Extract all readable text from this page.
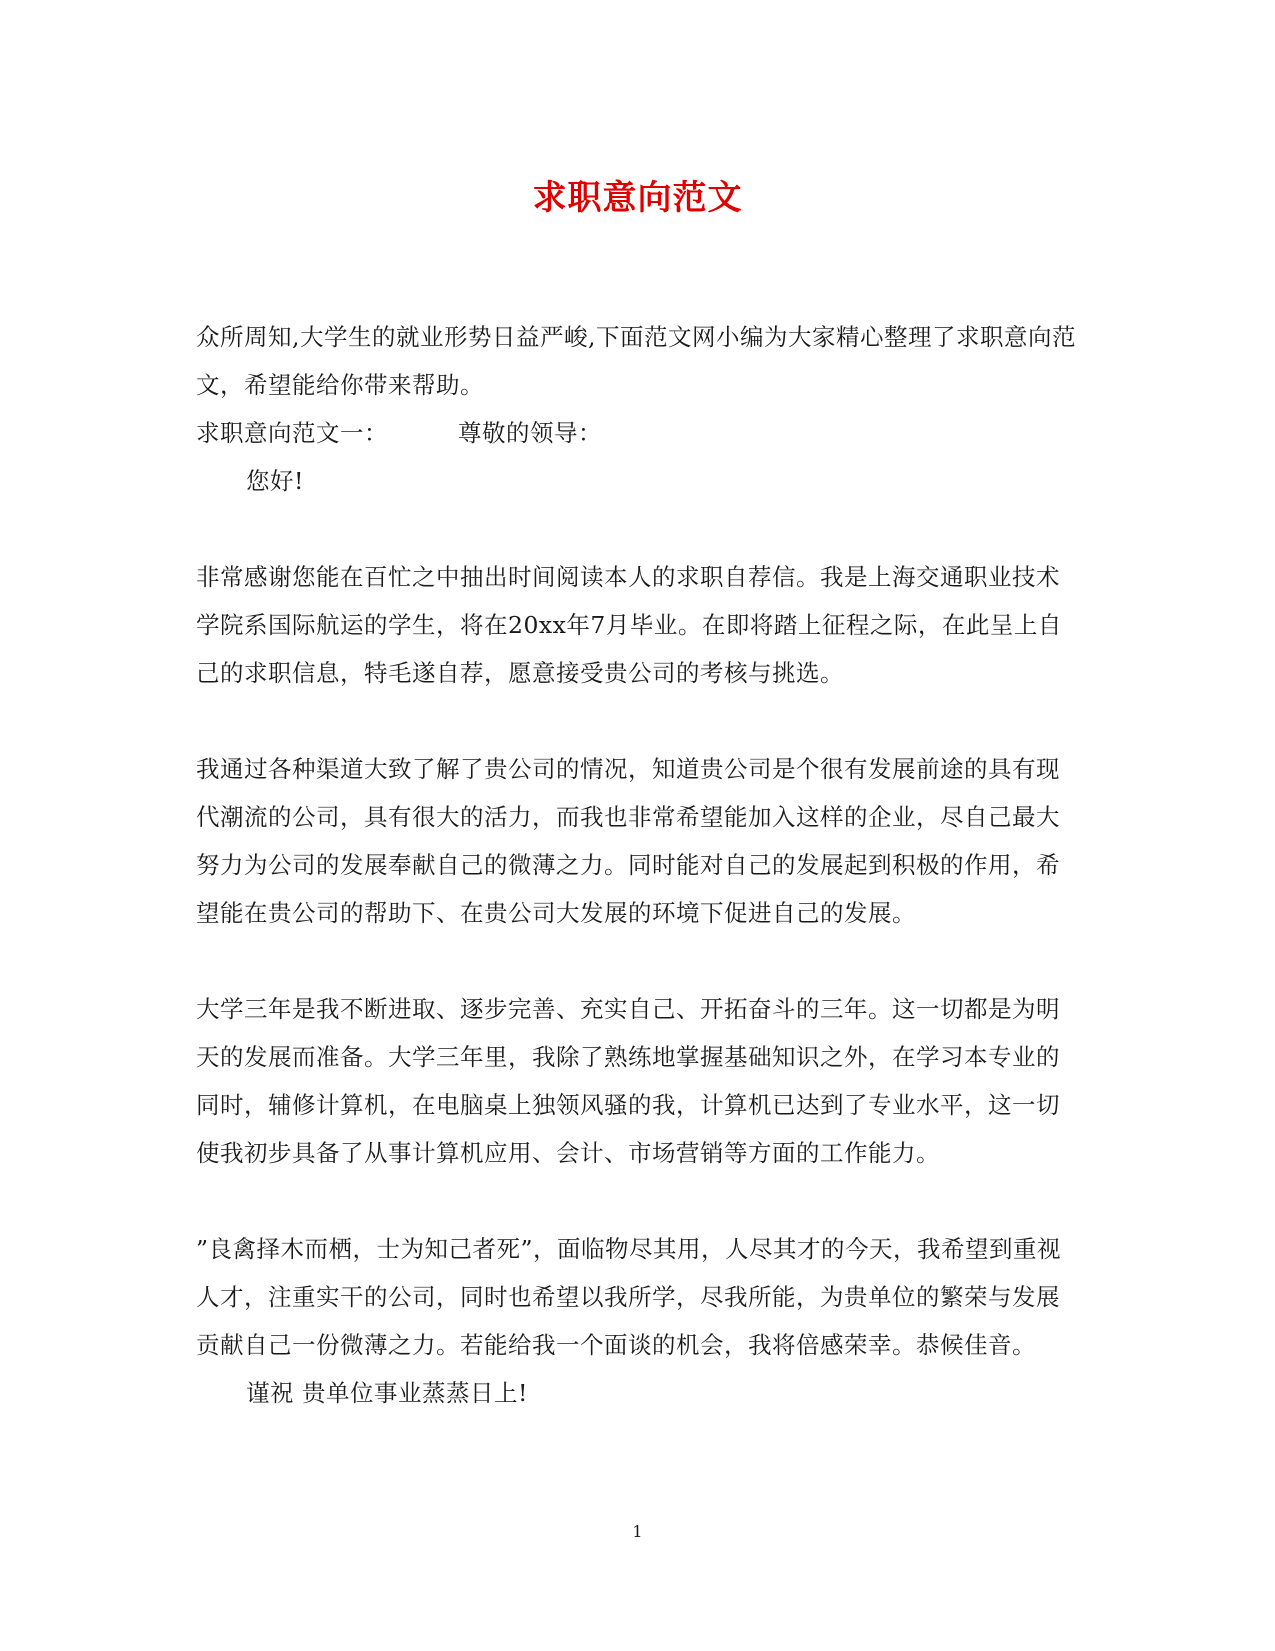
求职意向范文

众所周知,大学生的就业形势日益严峻,下面范文网小编为大家精心整理了求职意向范文，希望能给你带来帮助。

求职意向范文一：	尊敬的领导：

您好!

非常感谢您能在百忙之中抽出时间阅读本人的求职自荐信。我是上海交通职业技术学院系国际航运的学生，将在20xx年7月毕业。在即将踏上征程之际，在此呈上自己的求职信息，特毛遂自荐，愿意接受贵公司的考核与挑选。

我通过各种渠道大致了解了贵公司的情况，知道贵公司是个很有发展前途的具有现代潮流的公司，具有很大的活力，而我也非常希望能加入这样的企业，尽自己最大努力为公司的发展奉献自己的微薄之力。同时能对自己的发展起到积极的作用，希望能在贵公司的帮助下、在贵公司大发展的环境下促进自己的发展。

大学三年是我不断进取、逐步完善、充实自己、开拓奋斗的三年。这一切都是为明天的发展而准备。大学三年里，我除了熟练地掌握基础知识之外，在学习本专业的同时，辅修计算机，在电脑桌上独领风骚的我，计算机已达到了专业水平，这一切使我初步具备了从事计算机应用、会计、市场营销等方面的工作能力。

”良禽择木而栖，士为知己者死”，面临物尽其用，人尽其才的今天，我希望到重视人才，注重实干的公司，同时也希望以我所学，尽我所能，为贵单位的繁荣与发展贡献自己一份微薄之力。若能给我一个面谈的机会，我将倍感荣幸。恭候佳音。

谨祝 贵单位事业蒸蒸日上!

1
